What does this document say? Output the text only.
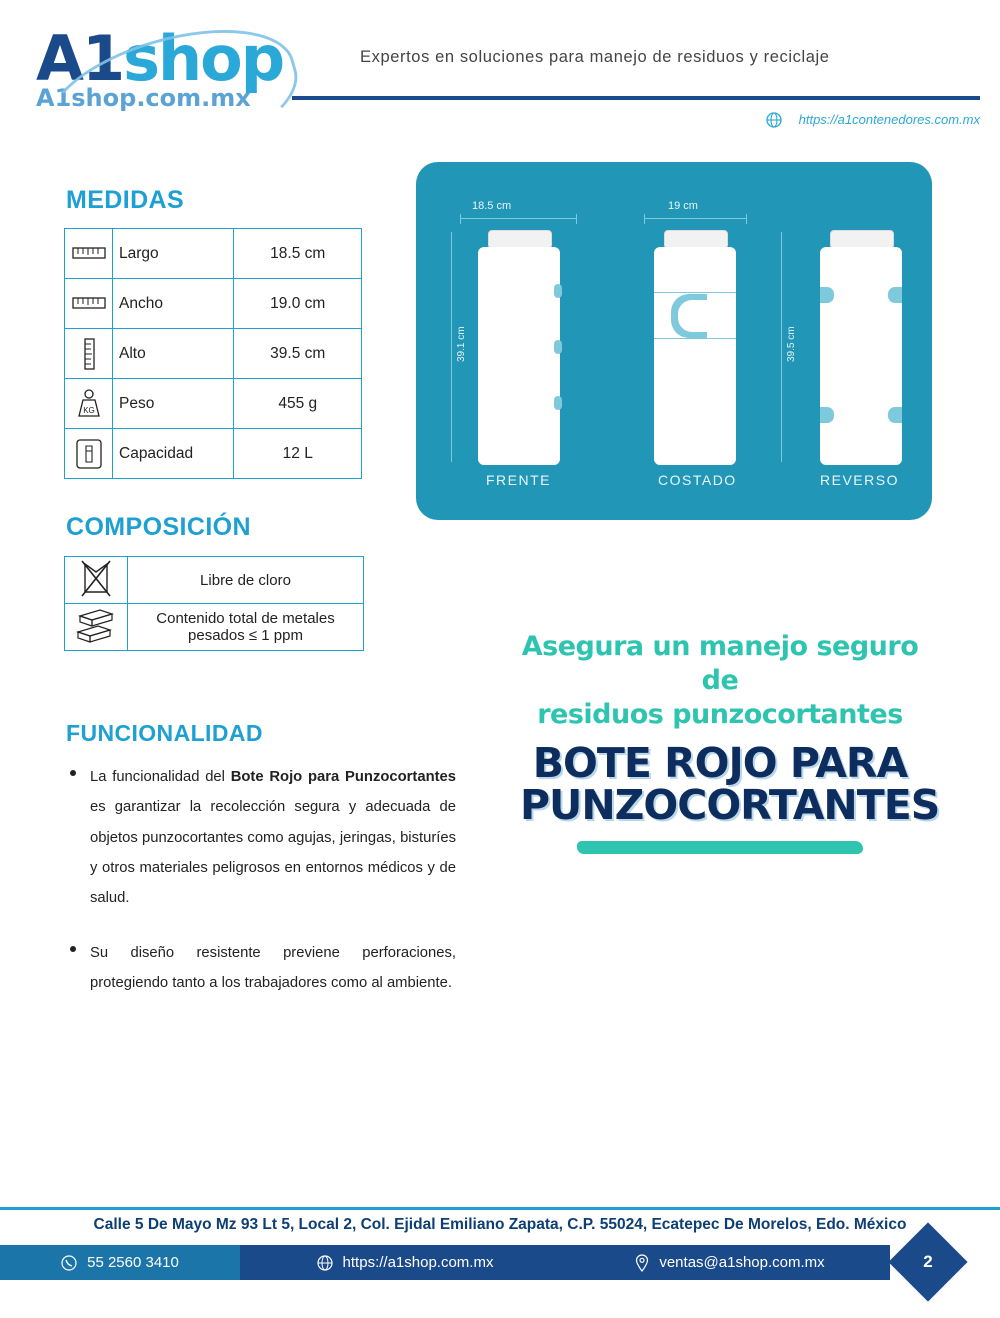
A1shop
A1shop.com.mx
Expertos en soluciones para manejo de residuos y reciclaje
https://a1contenedores.com.mx
MEDIDAS
	Largo	18.5 cm
	Ancho	19.0 cm
	Alto	39.5 cm

KG	Peso	455 g
	Capacidad	12 L
COMPOSICIÓN
	Libre de cloro
	Contenido total de metales pesados ≤ 1 ppm
FUNCIONALIDAD

La funcionalidad del Bote Rojo para Punzocortantes es garantizar la recolección segura y adecuada de objetos punzocortantes como agujas, jeringas, bisturíes y otros materiales peligrosos en entornos médicos y de salud.

Su diseño resistente previene perforaciones, protegiendo tanto a los trabajadores como al ambiente.

18.5 cm
39.1 cm
FRENTE
19 cm
COSTADO
39.5 cm
REVERSO
Asegura un manejo seguro de
residuos punzocortantes
BOTE ROJO PARA
PUNZOCORTANTES
Calle 5 De Mayo Mz 93 Lt 5, Local 2, Col. Ejidal Emiliano Zapata, C.P. 55024, Ecatepec De Morelos, Edo. México
55 2560 3410	https://a1shop.com.mx	ventas@a1shop.com.mx	2
